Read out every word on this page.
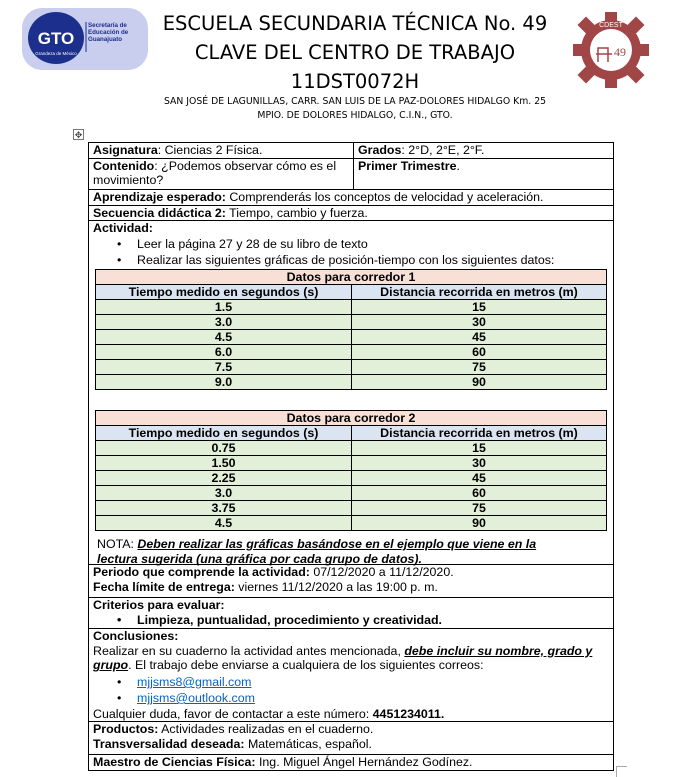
GTO
Grandeza de México
Secretaría de Educación de Guanajuato
CDEST
49
ESCUELA SECUNDARIA TÉCNICA No. 49
CLAVE DEL CENTRO DE TRABAJO
11DST0072H
SAN JOSÉ DE LAGUNILLAS, CARR. SAN LUIS DE LA PAZ-DOLORES HIDALGO Km. 25
MPIO. DE DOLORES HIDALGO, C.I.N., GTO.
✥
Asignatura: Ciencias 2 Física.	Grados: 2°D, 2°E, 2°F.
Contenido: ¿Podemos observar cómo es el movimiento?	Primer Trimestre.
Aprendizaje esperado: Comprenderás los conceptos de velocidad y aceleración.	
Secuencia didáctica 2: Tiempo, cambio y fuerza.	
Actividad:	
Periodo que comprende la actividad: 07/12/2020 a 11/12/2020.
Fecha límite de entrega: viernes 11/12/2020 a las 19:00 p. m.	
Criterios para evaluar:	
Conclusiones:
Realizar en su cuaderno la actividad antes mencionada, debe incluir su nombre, grado y grupo. El trabajo debe enviarse a cualquiera de los siguientes correos:	
Productos: Actividades realizadas en el cuaderno.
Transversalidad deseada: Matemáticas, español.	
Maestro de Ciencias Física: Ing. Miguel Ángel Hernández Godínez.	
• Leer la página 27 y 28 de su libro de texto
• Realizar las siguientes gráficas de posición-tiempo con los siguientes datos:
Datos para corredor 1	
Tiempo medido en segundos (s)	Distancia recorrida en metros (m)
1.5	15
3.0	30
4.5	45
6.0	60
7.5	75
9.0	90
Datos para corredor 2	
Tiempo medido en segundos (s)	Distancia recorrida en metros (m)
0.75	15
1.50	30
2.25	45
3.0	60
3.75	75
4.5	90
NOTA: Deben realizar las gráficas basándose en el ejemplo que viene en la lectura sugerida (una gráfica por cada grupo de datos).
• Limpieza, puntualidad, procedimiento y creatividad.
• mjjsms8@gmail.com
• mjjsms@outlook.com
Cualquier duda, favor de contactar a este número: 4451234011.
